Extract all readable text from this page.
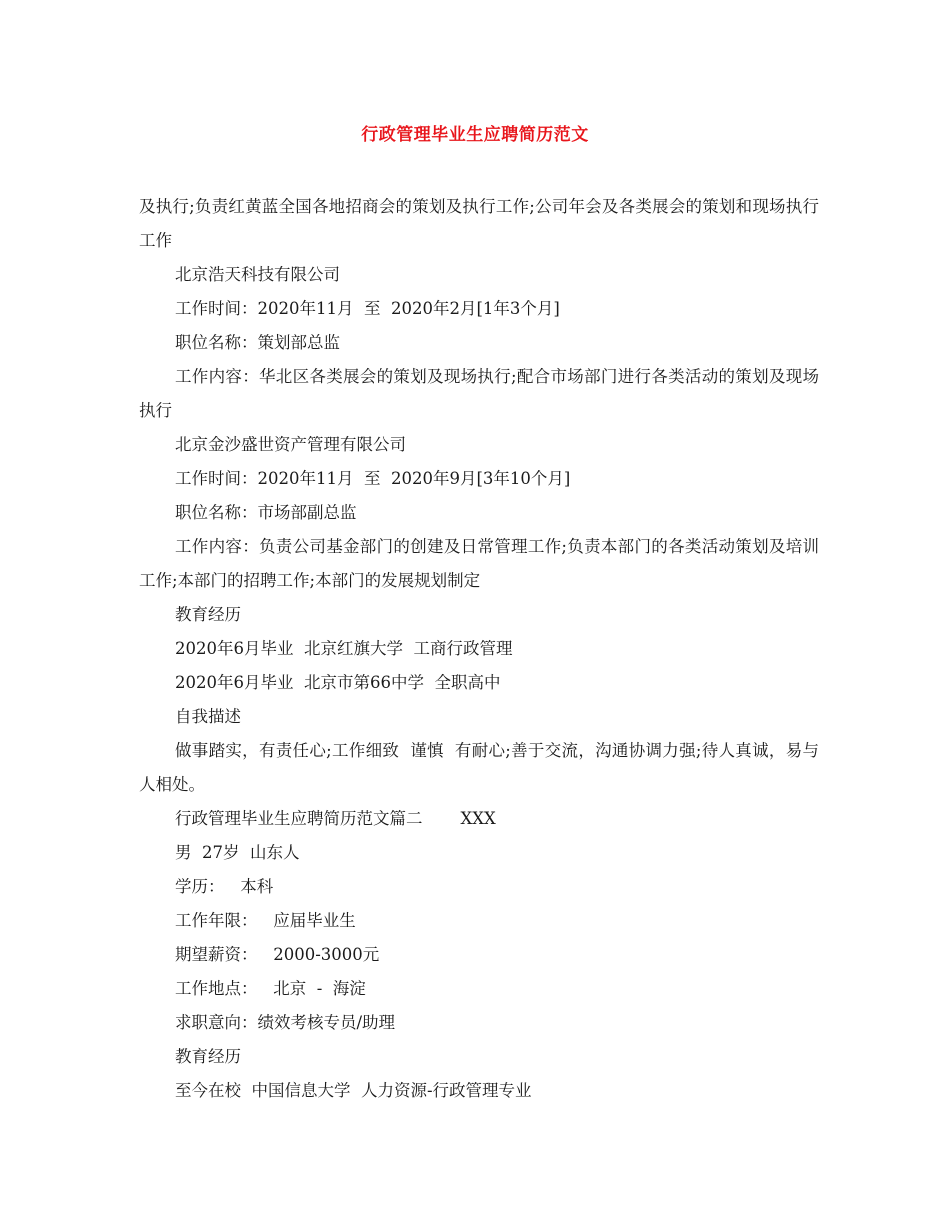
行政管理毕业生应聘简历范文

及执行;负责红黄蓝全国各地招商会的策划及执行工作;公司年会及各类展会的策划和现场执行工作

北京浩天科技有限公司

工作时间：2020年11月  至  2020年2月[1年3个月]

职位名称：策划部总监

工作内容：华北区各类展会的策划及现场执行;配合市场部门进行各类活动的策划及现场执行

北京金沙盛世资产管理有限公司

工作时间：2020年11月  至  2020年9月[3年10个月]

职位名称：市场部副总监

工作内容：负责公司基金部门的创建及日常管理工作;负责本部门的各类活动策划及培训工作;本部门的招聘工作;本部门的发展规划制定

教育经历

2020年6月毕业  北京红旗大学  工商行政管理

2020年6月毕业  北京市第66中学  全职高中

自我描述

做事踏实，有责任心;工作细致  谨慎  有耐心;善于交流，沟通协调力强;待人真诚，易与人相处。

行政管理毕业生应聘简历范文篇二 XXX

男  27岁  山东人

学历：   本科

工作年限：   应届毕业生

期望薪资：   2000-3000元

工作地点：   北京  -  海淀

求职意向：绩效考核专员/助理

教育经历

至今在校  中国信息大学  人力资源-行政管理专业
